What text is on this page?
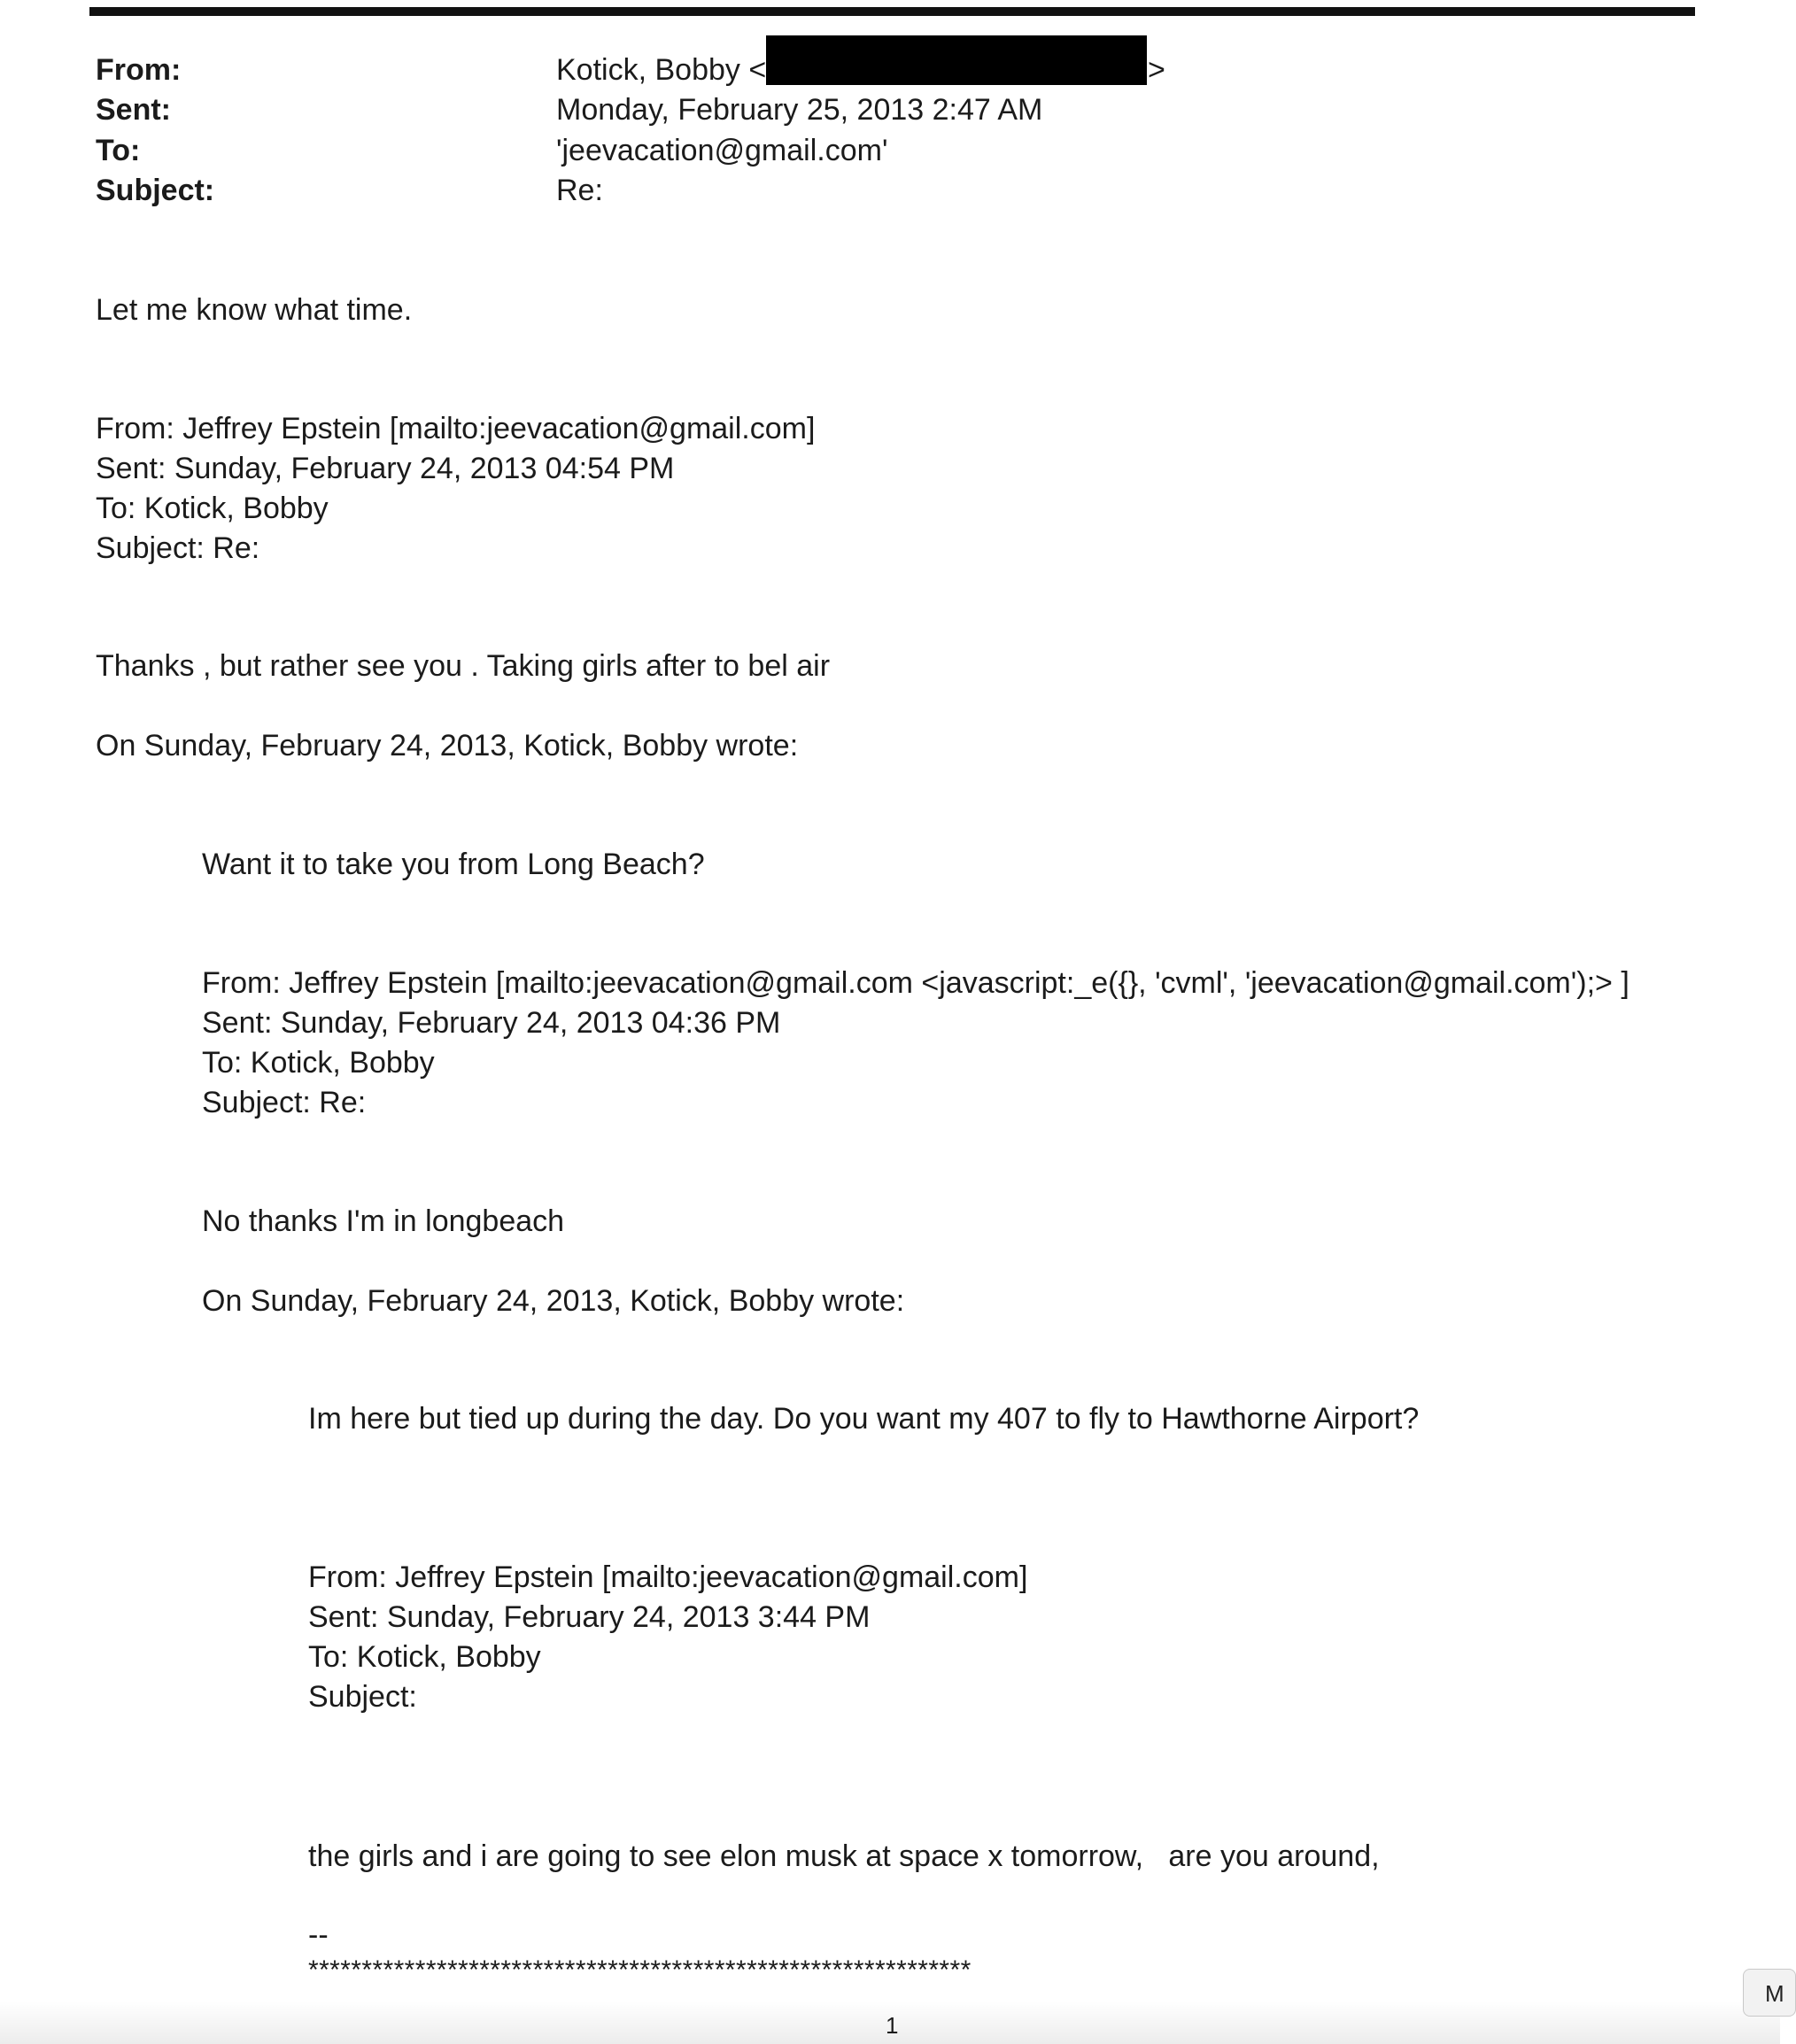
From:
Sent:
To:
Subject:
Kotick, Bobby <	>
Monday, February 25, 2013 2:47 AM
'jeevacation@gmail.com'
Re:
Let me know what time.
From: Jeffrey Epstein [mailto:jeevacation@gmail.com]
Sent: Sunday, February 24, 2013 04:54 PM
To: Kotick, Bobby
Subject: Re:
Thanks , but rather see you . Taking girls after to bel air
On Sunday, February 24, 2013, Kotick, Bobby wrote:
Want it to take you from Long Beach?
From: Jeffrey Epstein [mailto:jeevacation@gmail.com <javascript:_e({}, 'cvml', 'jeevacation@gmail.com');> ]
Sent: Sunday, February 24, 2013 04:36 PM
To: Kotick, Bobby
Subject: Re:
No thanks I'm in longbeach
On Sunday, February 24, 2013, Kotick, Bobby wrote:
Im here but tied up during the day. Do you want my 407 to fly to Hawthorne Airport?
From: Jeffrey Epstein [mailto:jeevacation@gmail.com]
Sent: Sunday, February 24, 2013 3:44 PM
To: Kotick, Bobby
Subject:
the girls and i are going to see elon musk at space x tomorrow,   are you around,
--
**************************************************************
1
M
